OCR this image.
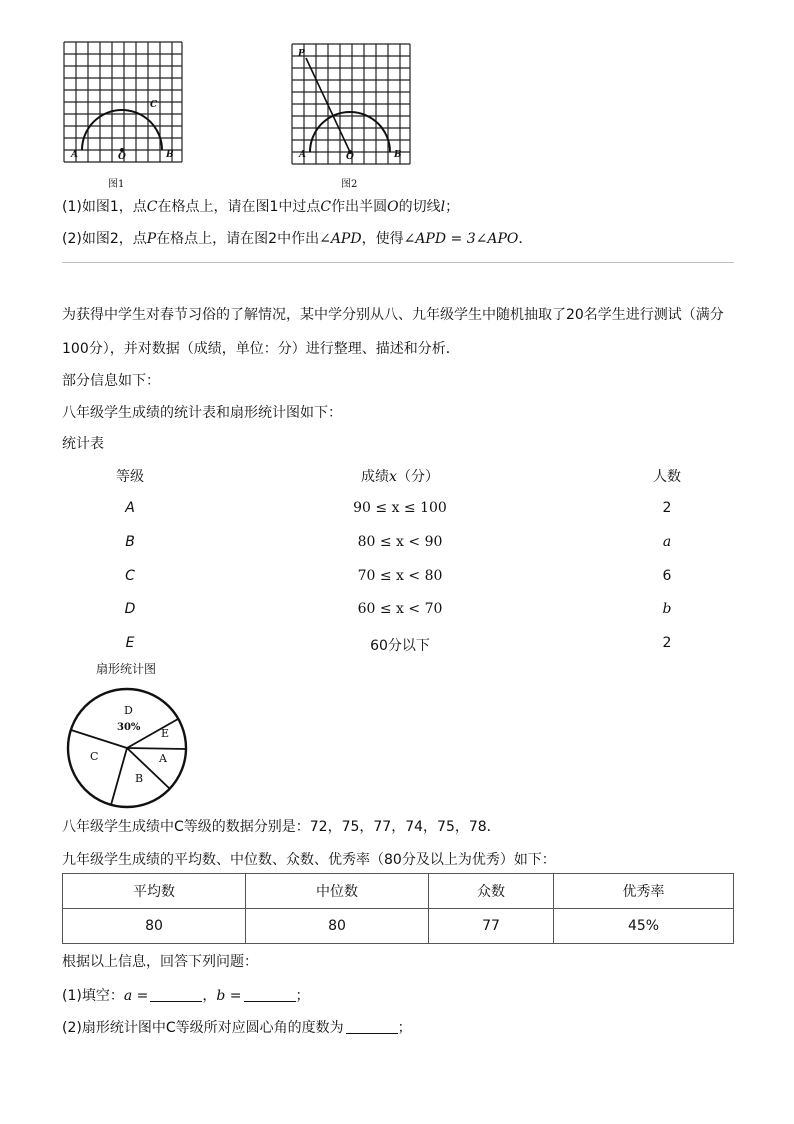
C
A	O	B
图1
P
A	O	B
图2
(1)如图1，点C在格点上，请在图1中过点C作出半圆O的切线l；
(2)如图2，点P在格点上，请在图2中作出∠APD，使得∠APD = 3∠APO．
为获得中学生对春节习俗的了解情况，某中学分别从八、九年级学生中随机抽取了20名学生进行测试（满分
100分），并对数据（成绩，单位：分）进行整理、描述和分析．
部分信息如下：
八年级学生成绩的统计表和扇形统计图如下：
统计表
等级	成绩x（分）	人数
A	90 ≤ x ≤ 100	2
B	80 ≤ x < 90	a
C	70 ≤ x < 80	6
D	60 ≤ x < 70	b
E	60分以下	2
扇形统计图
D
30% E
A
B
C
八年级学生成绩中C等级的数据分别是：72，75，77，74，75，78．
九年级学生成绩的平均数、中位数、众数、优秀率（80分及以上为优秀）如下：
平均数	中位数	众数	优秀率
80	80	77	45%
根据以上信息，回答下列问题：
(1)填空：a =	，b =	；
(2)扇形统计图中C等级所对应圆心角的度数为	；
